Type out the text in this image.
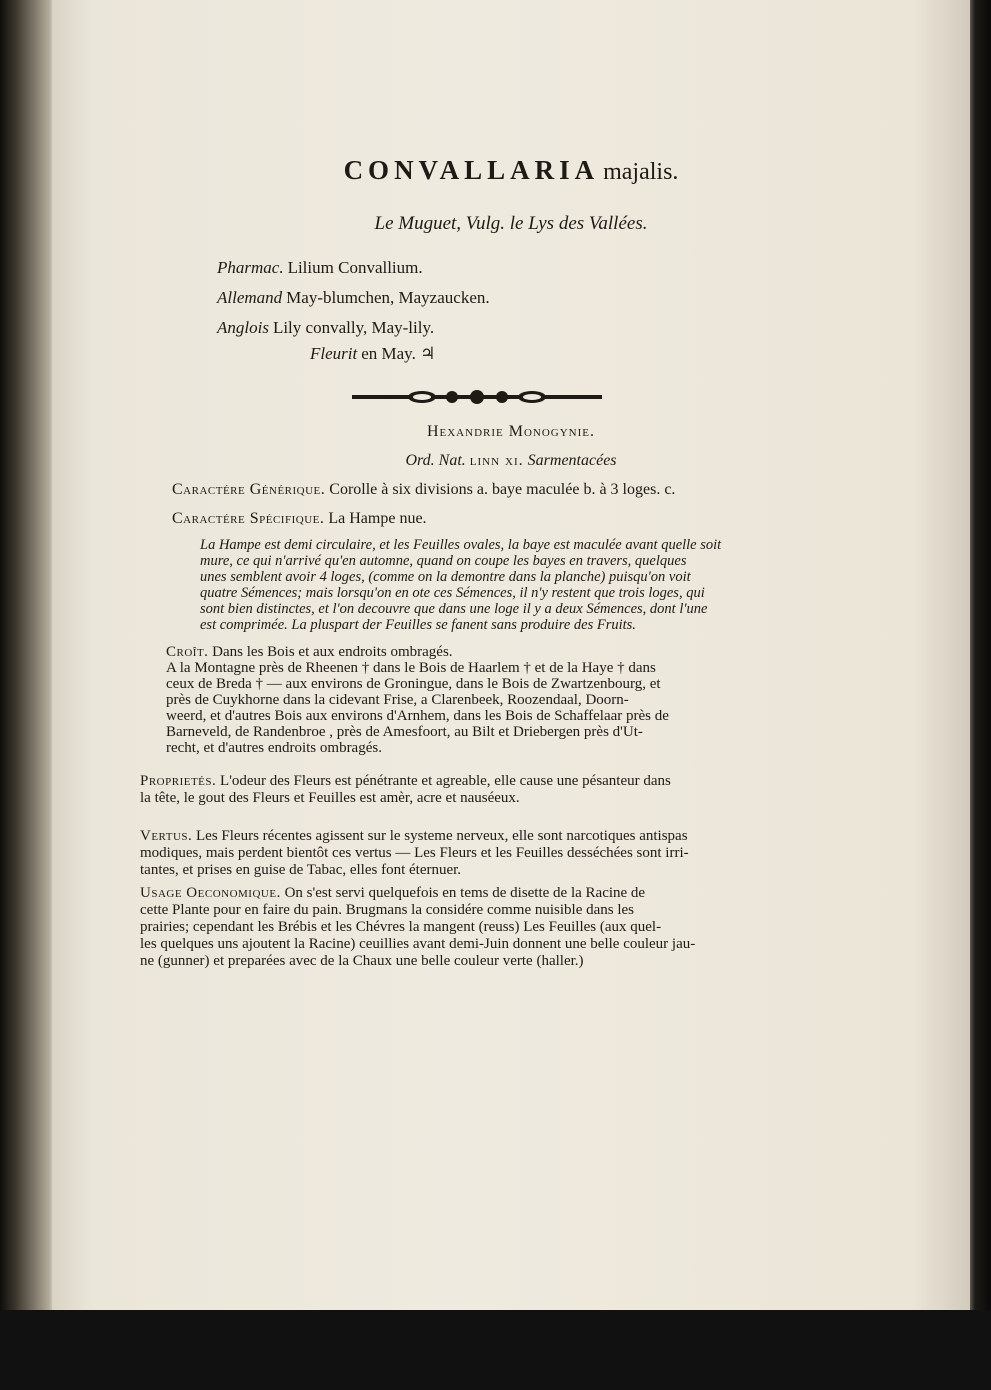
CONVALLARIA majalis.
Le Muguet, Vulg. le Lys des Vallées.
Pharmac. Lilium Convallium.
Allemand May-blumchen, Mayzaucken.
Anglois Lily convally, May-lily.
Fleurit en May. ♃
Hexandrie Monogynie.
Ord. Nat. linn xi. Sarmentacées
Caractére Générique. Corolle à six divisions a. baye maculée b. à 3 loges. c.
Caractére Spécifique. La Hampe nue.
La Hampe est demi circulaire, et les Feuilles ovales, la baye est maculée avant quelle soit
mure, ce qui n'arrivé qu'en automne, quand on coupe les bayes en travers, quelques
unes semblent avoir 4 loges, (comme on la demontre dans la planche) puisqu'on voit
quatre Sémences; mais lorsqu'on en ote ces Sémences, il n'y restent que trois loges, qui
sont bien distinctes, et l'on decouvre que dans une loge il y a deux Sémences, dont l'une
est comprimée. La pluspart der Feuilles se fanent sans produire des Fruits.
Croît. Dans les Bois et aux endroits ombragés.
A la Montagne près de Rheenen † dans le Bois de Haarlem † et de la Haye † dans
ceux de Breda † — aux environs de Groningue, dans le Bois de Zwartzenbourg, et
près de Cuykhorne dans la cidevant Frise, a Clarenbeek, Roozendaal, Doorn-
weerd, et d'autres Bois aux environs d'Arnhem, dans les Bois de Schaffelaar près de
Barneveld, de Randenbroe , près de Amesfoort, au Bilt et Driebergen près d'Ut-
recht, et d'autres endroits ombragés.
Proprietés. L'odeur des Fleurs est pénétrante et agreable, elle cause une pésanteur dans
la tête, le gout des Fleurs et Feuilles est amèr, acre et nauséeux.
Vertus. Les Fleurs récentes agissent sur le systeme nerveux, elle sont narcotiques antispas
modiques, mais perdent bientôt ces vertus — Les Fleurs et les Feuilles desséchées sont irri-
tantes, et prises en guise de Tabac, elles font éternuer.
Usage Oeconomique. On s'est servi quelquefois en tems de disette de la Racine de
cette Plante pour en faire du pain. Brugmans la considére comme nuisible dans les
prairies; cependant les Brébis et les Chévres la mangent (reuss) Les Feuilles (aux quel-
les quelques uns ajoutent la Racine) ceuillies avant demi-Juin donnent une belle couleur jau-
ne (gunner) et preparées avec de la Chaux une belle couleur verte (haller.)
